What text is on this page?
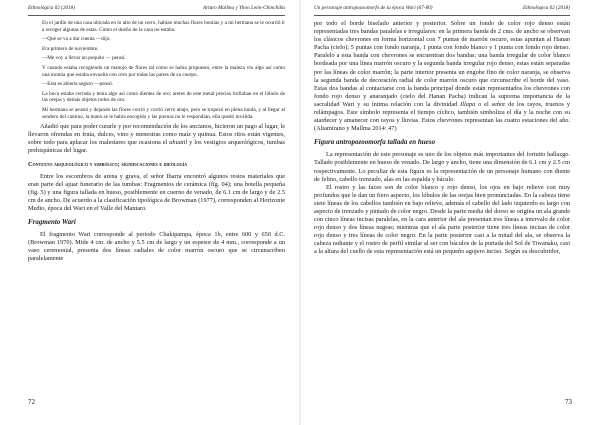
Ethnológica 02 (2018)	Arturo Mallma y Yhon León-Chinchilla

En el jardín de una casa ubicada en lo alto de un cerro, habían muchas flores bonitas y a mi hermana se le ocurrió ir a recoger algunas de estas. Como el dueño de la casa no estaba.

—Qué se va a dar cuenta —dijo.

Era primero de noviembre.

—Me voy a llevar un poquito — pensó.

Y cuando estaba recogiendo un manojo de flores tal como se había propuesto, entre la maleza vio algo así como una momia que estaba envuelta con cero por todas las partes de su cuerpo.

—Esta es abierta seguro —pensó.

La boca estaba cerrada y tenía algo así como dientes de oro; aretes de este metal preciso brillaban en el lóbulo de las orejas y demás objetos todos de oro.

Mi hermana se asustó y dejando las flores corrió y corrió cerro abajo, pero se tropezó en plena huida, y al llegar al sendero del camino, la mano se le había encogido y las piernas no le respondían, ella quedó inválida.

Añadió que para poder curarle y por recomendación de los ancianos, hicieron un pago al lugar, le llevaron ofrendas en fruta, dulces, vino y menestras como maíz y quinua. Estos ritos están vigentes, sobre todo para aplacar los malestares que ocasiona el ahuatil y los vestigios arqueológicos, tumbas prehispánicas del lugar.

Contexto arqueológico y simbólico; significaciones e ideología

Entre los escombros de arena y grava, el señor Ibarra encontró algunos restos materiales que eran parte del ajuar funerario de las tumbas: Fragmentos de cerámica (fig. 04); una botella pequeña (fig. 5) y una figura tallada en hueso, posiblemente en cuerno de venado, de 6.1 cm de largo y de 2.5 cm de ancho. De acuerdo a la clasificación tipológica de Browman (1977), corresponden al Horizonte Medio, época del Wari en el Valle del Mantaro.

Fragmento Wari

El fragmento Wari corresponde al periodo Chakipampa, época 1b, entre 600 y 650 d.C. (Browman 1970). Mide 4 cm. de ancho y 5.5 cm de largo y un espesor de 4 mm., corresponde a un vaso ceremonial, presenta dos líneas radiales de color marrón oscuro que se circunscriben paralelamente

72
Un personaje antropozoomorfo de la época Wari (67-80)	Ethnológica 02 (2018)

por todo el borde biselado anterior y posterior. Sobre un fondo de color rojo denso están representadas tres bandas paralelas e irregulares: en la primera banda de 2 cms. de ancho se observan los clásicos chevrones en forma horizontal con 7 puntas de marrón oscuro, estas apuntan al Hanan Pacha (cielo); 5 puntas con fondo naranja, 1 punta con fondo blanco y 1 punta con fondo rojo denso. Paralelo a esta banda con chevrones se encuentran dos bandas: una banda irregular de color blanco bordeada por una línea marrón oscuro y la segunda banda irregular rojo denso, estas están separadas por las líneas de color marrón; la parte interior presenta un engobe fino de color naranja, se observa la segunda banda de decoración radial de color marrón oscuro que circunscribe el borde del vaso. Estas dos bandas al contactarse con la banda principal donde están representados los chevrones con fondo rojo denso y anaranjado (cielo del Hanan Pacha) indican la suprema importancia de la sacralidad Wari y su íntima relación con la divinidad Illapa o el señor de los rayos, truenos y relámpagos. Este símbolo representa el tiempo cíclico, también simboliza el día y la noche con su atardecer y amanecer con rayos y lluvias. Estos chevrones representan las cuatro estaciones del año. (Altamirano y Mallma 2014: 47)

Figura antropozoomorfa tallada en hueso

La representación de este personaje es uno de los objetos más importantes del fortuito hallazgo. Tallado posiblemente en hueso de venado. De largo y ancho, tiene una dimensión de 6.1 cm y 2.5 cm respectivamente. Lo peculiar de esta figura es la representación de un personaje humano con diente de felino, cabello trenzado, alas en las espalda y báculo.

El rostro y las faces son de color blanco y rojo denso, los ojos en bajo relieve con muy profundos que le dan un fiero aspecto, los lóbulos de las orejas bien pronunciadas. En la cabeza tiene siete líneas de los cabellos también en bajo relieve, además el cabello del lado izquierdo es largo con aspecto de trenzado y pintado de color negro. Desde la parte media del dorso se origina un ala grande con cinco líneas incisas paralelas, en la cara anterior del ala presentan tres líneas a intervalo de color rojo denso y dos líneas negras; mientras que el ala parte posterior tiene tres líneas incisas de color rojo denso y tres líneas de color negro. En la parte posterior casi a la mitad del ala, se observa la cabeza radiante y el rostro de perfil similar al ser con báculos de la portada del Sol de Tiwanaku, casi a la altura del cuello de esta representación está un pequeño agujero inciso. Según su descubridor,

73
